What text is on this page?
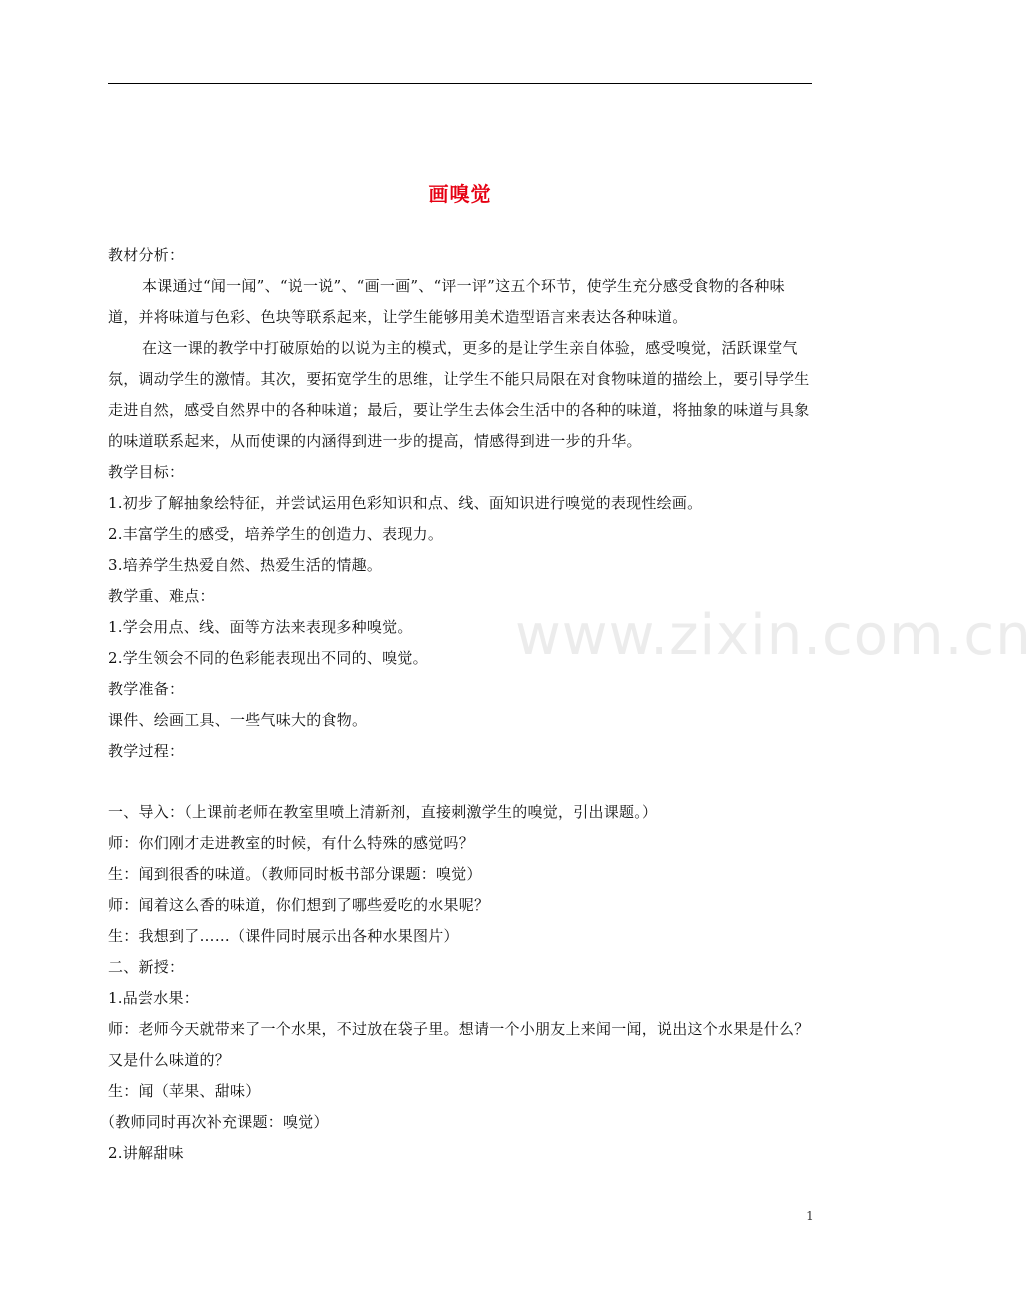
画嗅觉

教材分析：

本课通过“闻一闻”、“说一说”、“画一画”、“评一评”这五个环节，使学生充分感受食物的各种味道，并将味道与色彩、色块等联系起来，让学生能够用美术造型语言来表达各种味道。

在这一课的教学中打破原始的以说为主的模式，更多的是让学生亲自体验，感受嗅觉，活跃课堂气氛，调动学生的激情。其次，要拓宽学生的思维，让学生不能只局限在对食物味道的描绘上，要引导学生走进自然，感受自然界中的各种味道；最后，要让学生去体会生活中的各种的味道，将抽象的味道与具象的味道联系起来，从而使课的内涵得到进一步的提高，情感得到进一步的升华。

教学目标：

1.初步了解抽象绘特征，并尝试运用色彩知识和点、线、面知识进行嗅觉的表现性绘画。

2.丰富学生的感受，培养学生的创造力、表现力。

3.培养学生热爱自然、热爱生活的情趣。

教学重、难点：

1.学会用点、线、面等方法来表现多种嗅觉。

2.学生领会不同的色彩能表现出不同的、嗅觉。

教学准备：

课件、绘画工具、一些气味大的食物。

教学过程：

一、导入：（上课前老师在教室里喷上清新剂，直接刺激学生的嗅觉，引出课题。）

师：你们刚才走进教室的时候，有什么特殊的感觉吗？

生：闻到很香的味道。（教师同时板书部分课题：嗅觉）

师：闻着这么香的味道，你们想到了哪些爱吃的水果呢？

生：我想到了……（课件同时展示出各种水果图片）

二、新授：

1.品尝水果：

师：老师今天就带来了一个水果，不过放在袋子里。想请一个小朋友上来闻一闻，说出这个水果是什么？又是什么味道的？

生：闻（苹果、甜味）

（教师同时再次补充课题：嗅觉）

2.讲解甜味

www.zixin.com.cn
1
